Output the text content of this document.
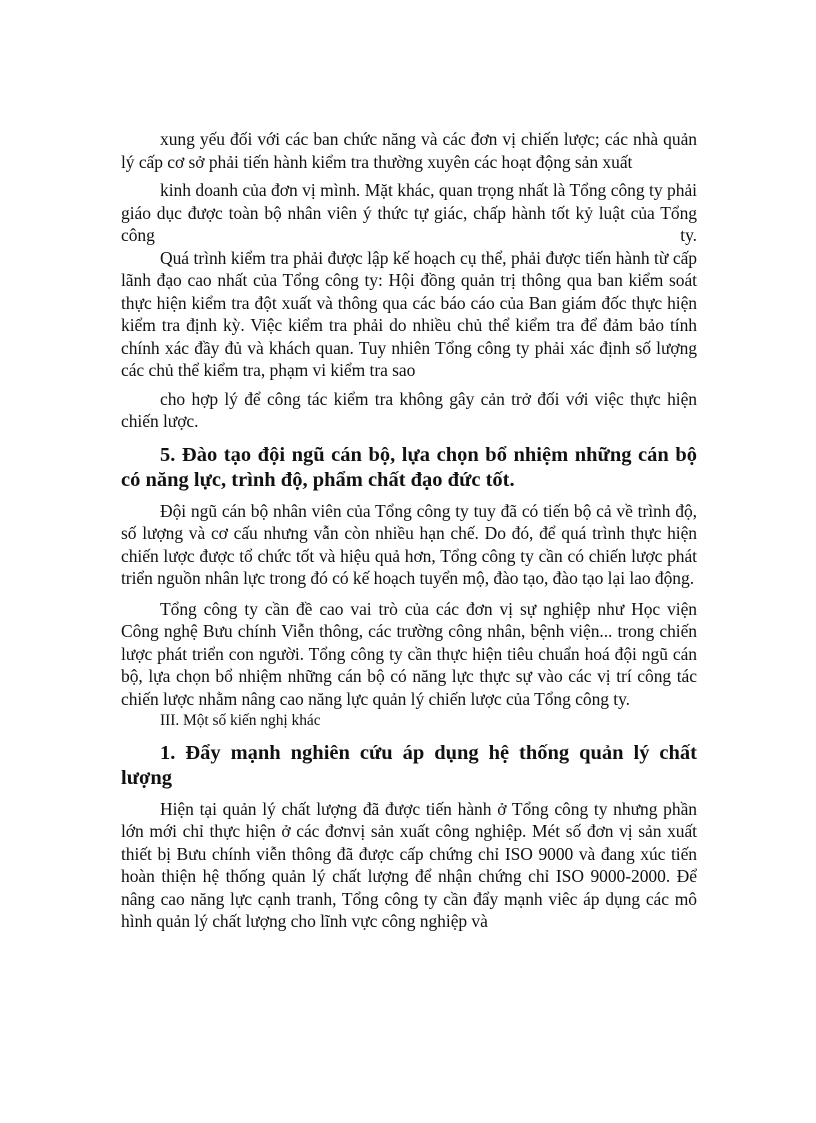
xung yếu đối với các ban chức năng và các đơn vị chiến lược; các nhà quản lý cấp cơ sở phải tiến hành kiểm tra thường xuyên các hoạt động sản xuất

kinh doanh của đơn vị mình. Mặt khác, quan trọng nhất là Tổng công ty phải giáo dục được toàn bộ nhân viên ý thức tự giác, chấp hành tốt kỷ luật của Tổng công ty.

Quá trình kiểm tra phải được lập kế hoạch cụ thể, phải được tiến hành từ cấp lãnh đạo cao nhất của Tổng công ty: Hội đồng quản trị thông qua ban kiểm soát thực hiện kiểm tra đột xuất và thông qua các báo cáo của Ban giám đốc thực hiện kiểm tra định kỳ. Việc kiểm tra phải do nhiều chủ thể kiểm tra để đảm bảo tính chính xác đầy đủ và khách quan. Tuy nhiên Tổng công ty phải xác định số lượng các chủ thể kiểm tra, phạm vi kiểm tra sao

cho hợp lý để công tác kiểm tra không gây cản trở đối với việc thực hiện chiến lược.

5. Đào tạo đội ngũ cán bộ, lựa chọn bổ nhiệm những cán bộ có năng lực, trình độ, phẩm chất đạo đức tốt.

Đội ngũ cán bộ nhân viên của Tổng công ty tuy đã có tiến bộ cả về trình độ, số lượng và cơ cấu nhưng vẫn còn nhiều hạn chế. Do đó, để quá trình thực hiện chiến lược được tổ chức tốt và hiệu quả hơn, Tổng công ty cần có chiến lược phát triển nguồn nhân lực trong đó có kế hoạch tuyển mộ, đào tạo, đào tạo lại lao động.

Tổng công ty cần đề cao vai trò của các đơn vị sự nghiệp như Học viện Công nghệ Bưu chính Viễn thông, các trường công nhân, bệnh viện... trong chiến lược phát triển con người. Tổng công ty cần thực hiện tiêu chuẩn hoá đội ngũ cán bộ, lựa chọn bổ nhiệm những cán bộ có năng lực thực sự vào các vị trí công tác chiến lược nhằm nâng cao năng lực quản lý chiến lược của Tổng công ty.

III. Một số kiến nghị khác

1. Đẩy mạnh nghiên cứu áp dụng hệ thống quản lý chất lượng

Hiện tại quản lý chất lượng đã được tiến hành ở Tổng công ty nhưng phần lớn mới chỉ thực hiện ở các đơnvị sản xuất công nghiệp. Mét số đơn vị sản xuất thiết bị Bưu chính viễn thông đã được cấp chứng chỉ ISO 9000 và đang xúc tiến hoàn thiện hệ thống quản lý chất lượng để nhận chứng chỉ ISO 9000-2000. Để nâng cao năng lực cạnh tranh, Tổng công ty cần đẩy mạnh viêc áp dụng các mô hình quản lý chất lượng cho lĩnh vực công nghiệp và
